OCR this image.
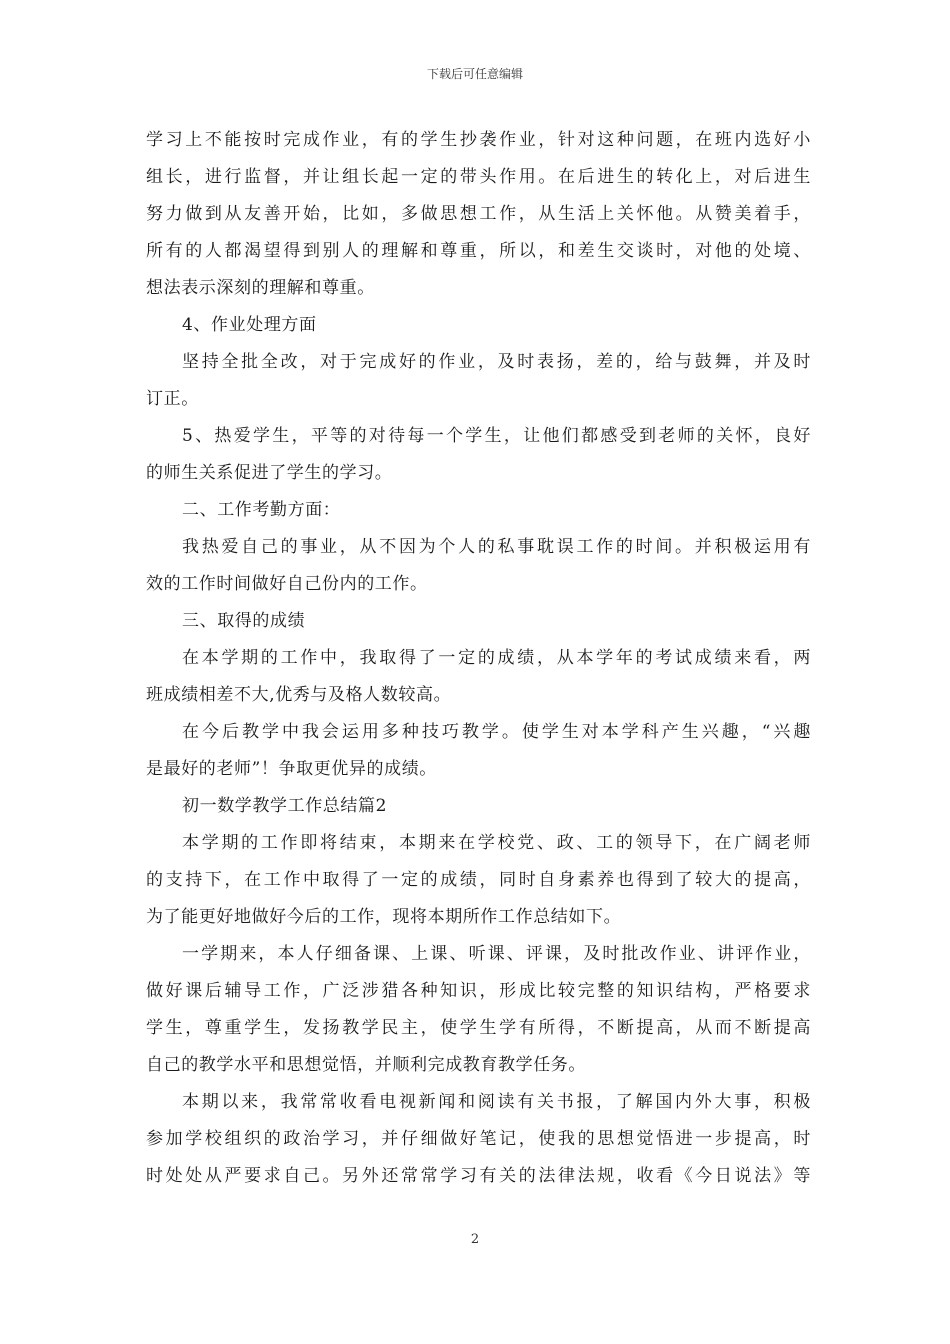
下载后可任意编辑
学习上不能按时完成作业，有的学生抄袭作业，针对这种问题，在班内选好小
组长，进行监督，并让组长起一定的带头作用。在后进生的转化上，对后进生
努力做到从友善开始，比如，多做思想工作，从生活上关怀他。从赞美着手，
所有的人都渴望得到别人的理解和尊重，所以，和差生交谈时，对他的处境、
想法表示深刻的理解和尊重。
4、作业处理方面
坚持全批全改，对于完成好的作业，及时表扬，差的，给与鼓舞，并及时
订正。
5、热爱学生，平等的对待每一个学生，让他们都感受到老师的关怀，良好
的师生关系促进了学生的学习。
二、工作考勤方面：
我热爱自己的事业，从不因为个人的私事耽误工作的时间。并积极运用有
效的工作时间做好自己份内的工作。
三、取得的成绩
在本学期的工作中，我取得了一定的成绩，从本学年的考试成绩来看，两
班成绩相差不大,优秀与及格人数较高。
在今后教学中我会运用多种技巧教学。使学生对本学科产生兴趣，“兴趣
是最好的老师”！争取更优异的成绩。
初一数学教学工作总结篇2
本学期的工作即将结束，本期来在学校党、政、工的领导下，在广阔老师
的支持下，在工作中取得了一定的成绩，同时自身素养也得到了较大的提高，
为了能更好地做好今后的工作，现将本期所作工作总结如下。
一学期来，本人仔细备课、上课、听课、评课，及时批改作业、讲评作业，
做好课后辅导工作，广泛涉猎各种知识，形成比较完整的知识结构，严格要求
学生，尊重学生，发扬教学民主，使学生学有所得，不断提高，从而不断提高
自己的教学水平和思想觉悟，并顺利完成教育教学任务。
本期以来，我常常收看电视新闻和阅读有关书报，了解国内外大事，积极
参加学校组织的政治学习，并仔细做好笔记，使我的思想觉悟进一步提高，时
时处处从严要求自己。另外还常常学习有关的法律法规，收看《今日说法》等
2
